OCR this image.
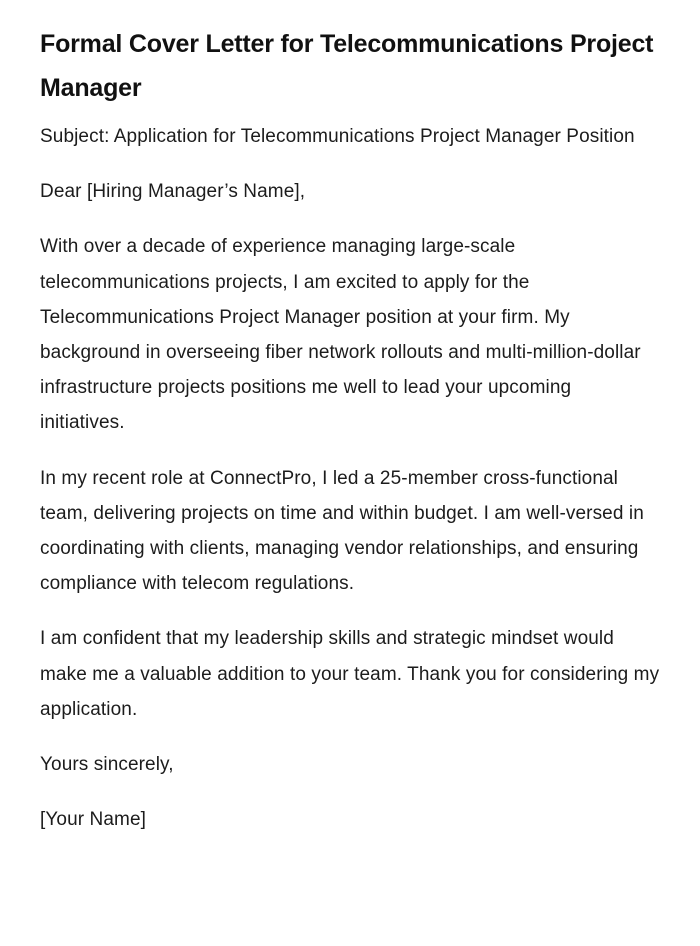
Formal Cover Letter for Telecommunications Project Manager

Subject: Application for Telecommunications Project Manager Position

Dear [Hiring Manager’s Name],

With over a decade of experience managing large-scale telecommunications projects, I am excited to apply for the Telecommunications Project Manager position at your firm. My background in overseeing fiber network rollouts and multi-million-dollar infrastructure projects positions me well to lead your upcoming initiatives.

In my recent role at ConnectPro, I led a 25-member cross-functional team, delivering projects on time and within budget. I am well-versed in coordinating with clients, managing vendor relationships, and ensuring compliance with telecom regulations.

I am confident that my leadership skills and strategic mindset would make me a valuable addition to your team. Thank you for considering my application.

Yours sincerely,

[Your Name]
